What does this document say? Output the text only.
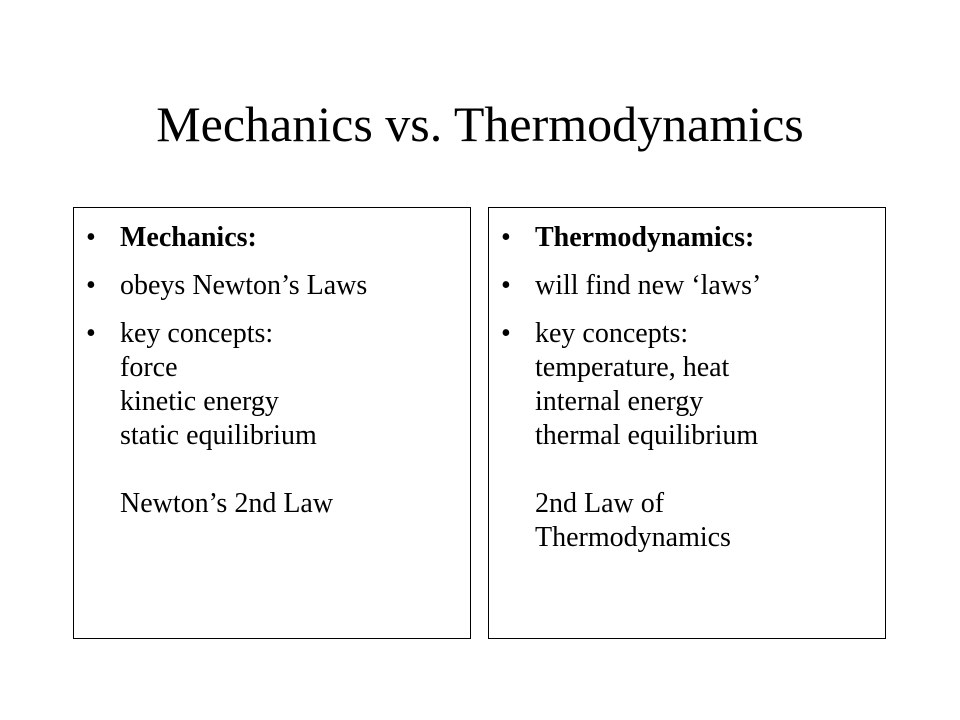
Mechanics vs. Thermodynamics
• Mechanics:
• obeys Newton’s Laws
• key concepts:
force
kinetic energy
static equilibrium
Newton’s 2nd Law
• Thermodynamics:
• will find new ‘laws’
• key concepts:
temperature, heat
internal energy
thermal equilibrium
2nd Law of
Thermodynamics
